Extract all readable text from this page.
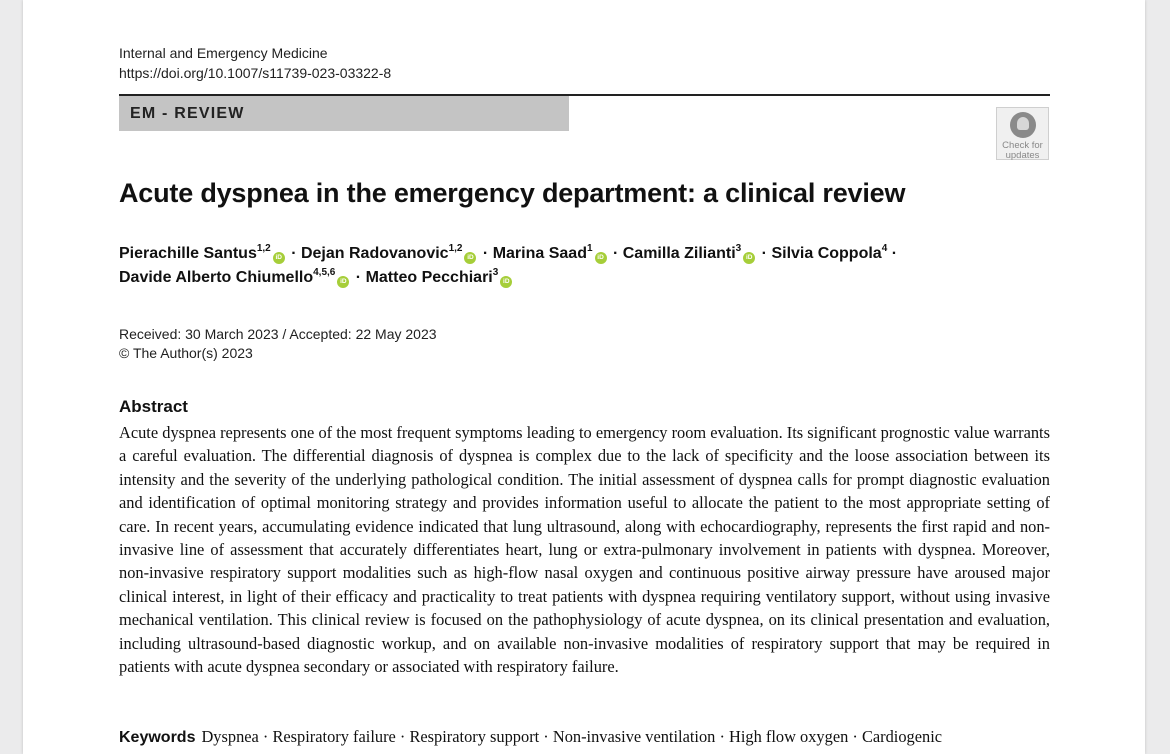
Internal and Emergency Medicine
https://doi.org/10.1007/s11739-023-03322-8
EM - REVIEW
Check for
updates
Acute dyspnea in the emergency department: a clinical review
Pierachille Santus$^{1,2}$iD · Dejan Radovanovic$^{1,2}$iD · Marina Saad$^1$iD · Camilla Zilianti$^3$iD · Silvia Coppola$^4$ ·
Davide Alberto Chiumello$^{4,5,6}$iD · Matteo Pecchiari$^3$iD
Received: 30 March 2023 / Accepted: 22 May 2023
© The Author(s) 2023
Abstract
Acute dyspnea represents one of the most frequent symptoms leading to emergency room evaluation. Its significant prognostic value warrants a careful evaluation. The differential diagnosis of dyspnea is complex due to the lack of specificity and the loose association between its intensity and the severity of the underlying pathological condition. The initial assessment of dyspnea calls for prompt diagnostic evaluation and identification of optimal monitoring strategy and provides information useful to allocate the patient to the most appropriate setting of care. In recent years, accumulating evidence indicated that lung ultrasound, along with echocardiography, represents the first rapid and non-invasive line of assessment that accurately differentiates heart, lung or extra-pulmonary involvement in patients with dyspnea. Moreover, non-invasive respiratory support modalities such as high-flow nasal oxygen and continuous positive airway pressure have aroused major clinical interest, in light of their efficacy and practicality to treat patients with dyspnea requiring ventilatory support, without using invasive mechanical ventilation. This clinical review is focused on the pathophysiology of acute dyspnea, on its clinical presentation and evaluation, including ultrasound-based diagnostic workup, and on available non-invasive modalities of respiratory support that may be required in patients with acute dyspnea secondary or associated with respiratory failure.
Keywords Dyspnea · Respiratory failure · Respiratory support · Non-invasive ventilation · High flow oxygen · Cardiogenic
